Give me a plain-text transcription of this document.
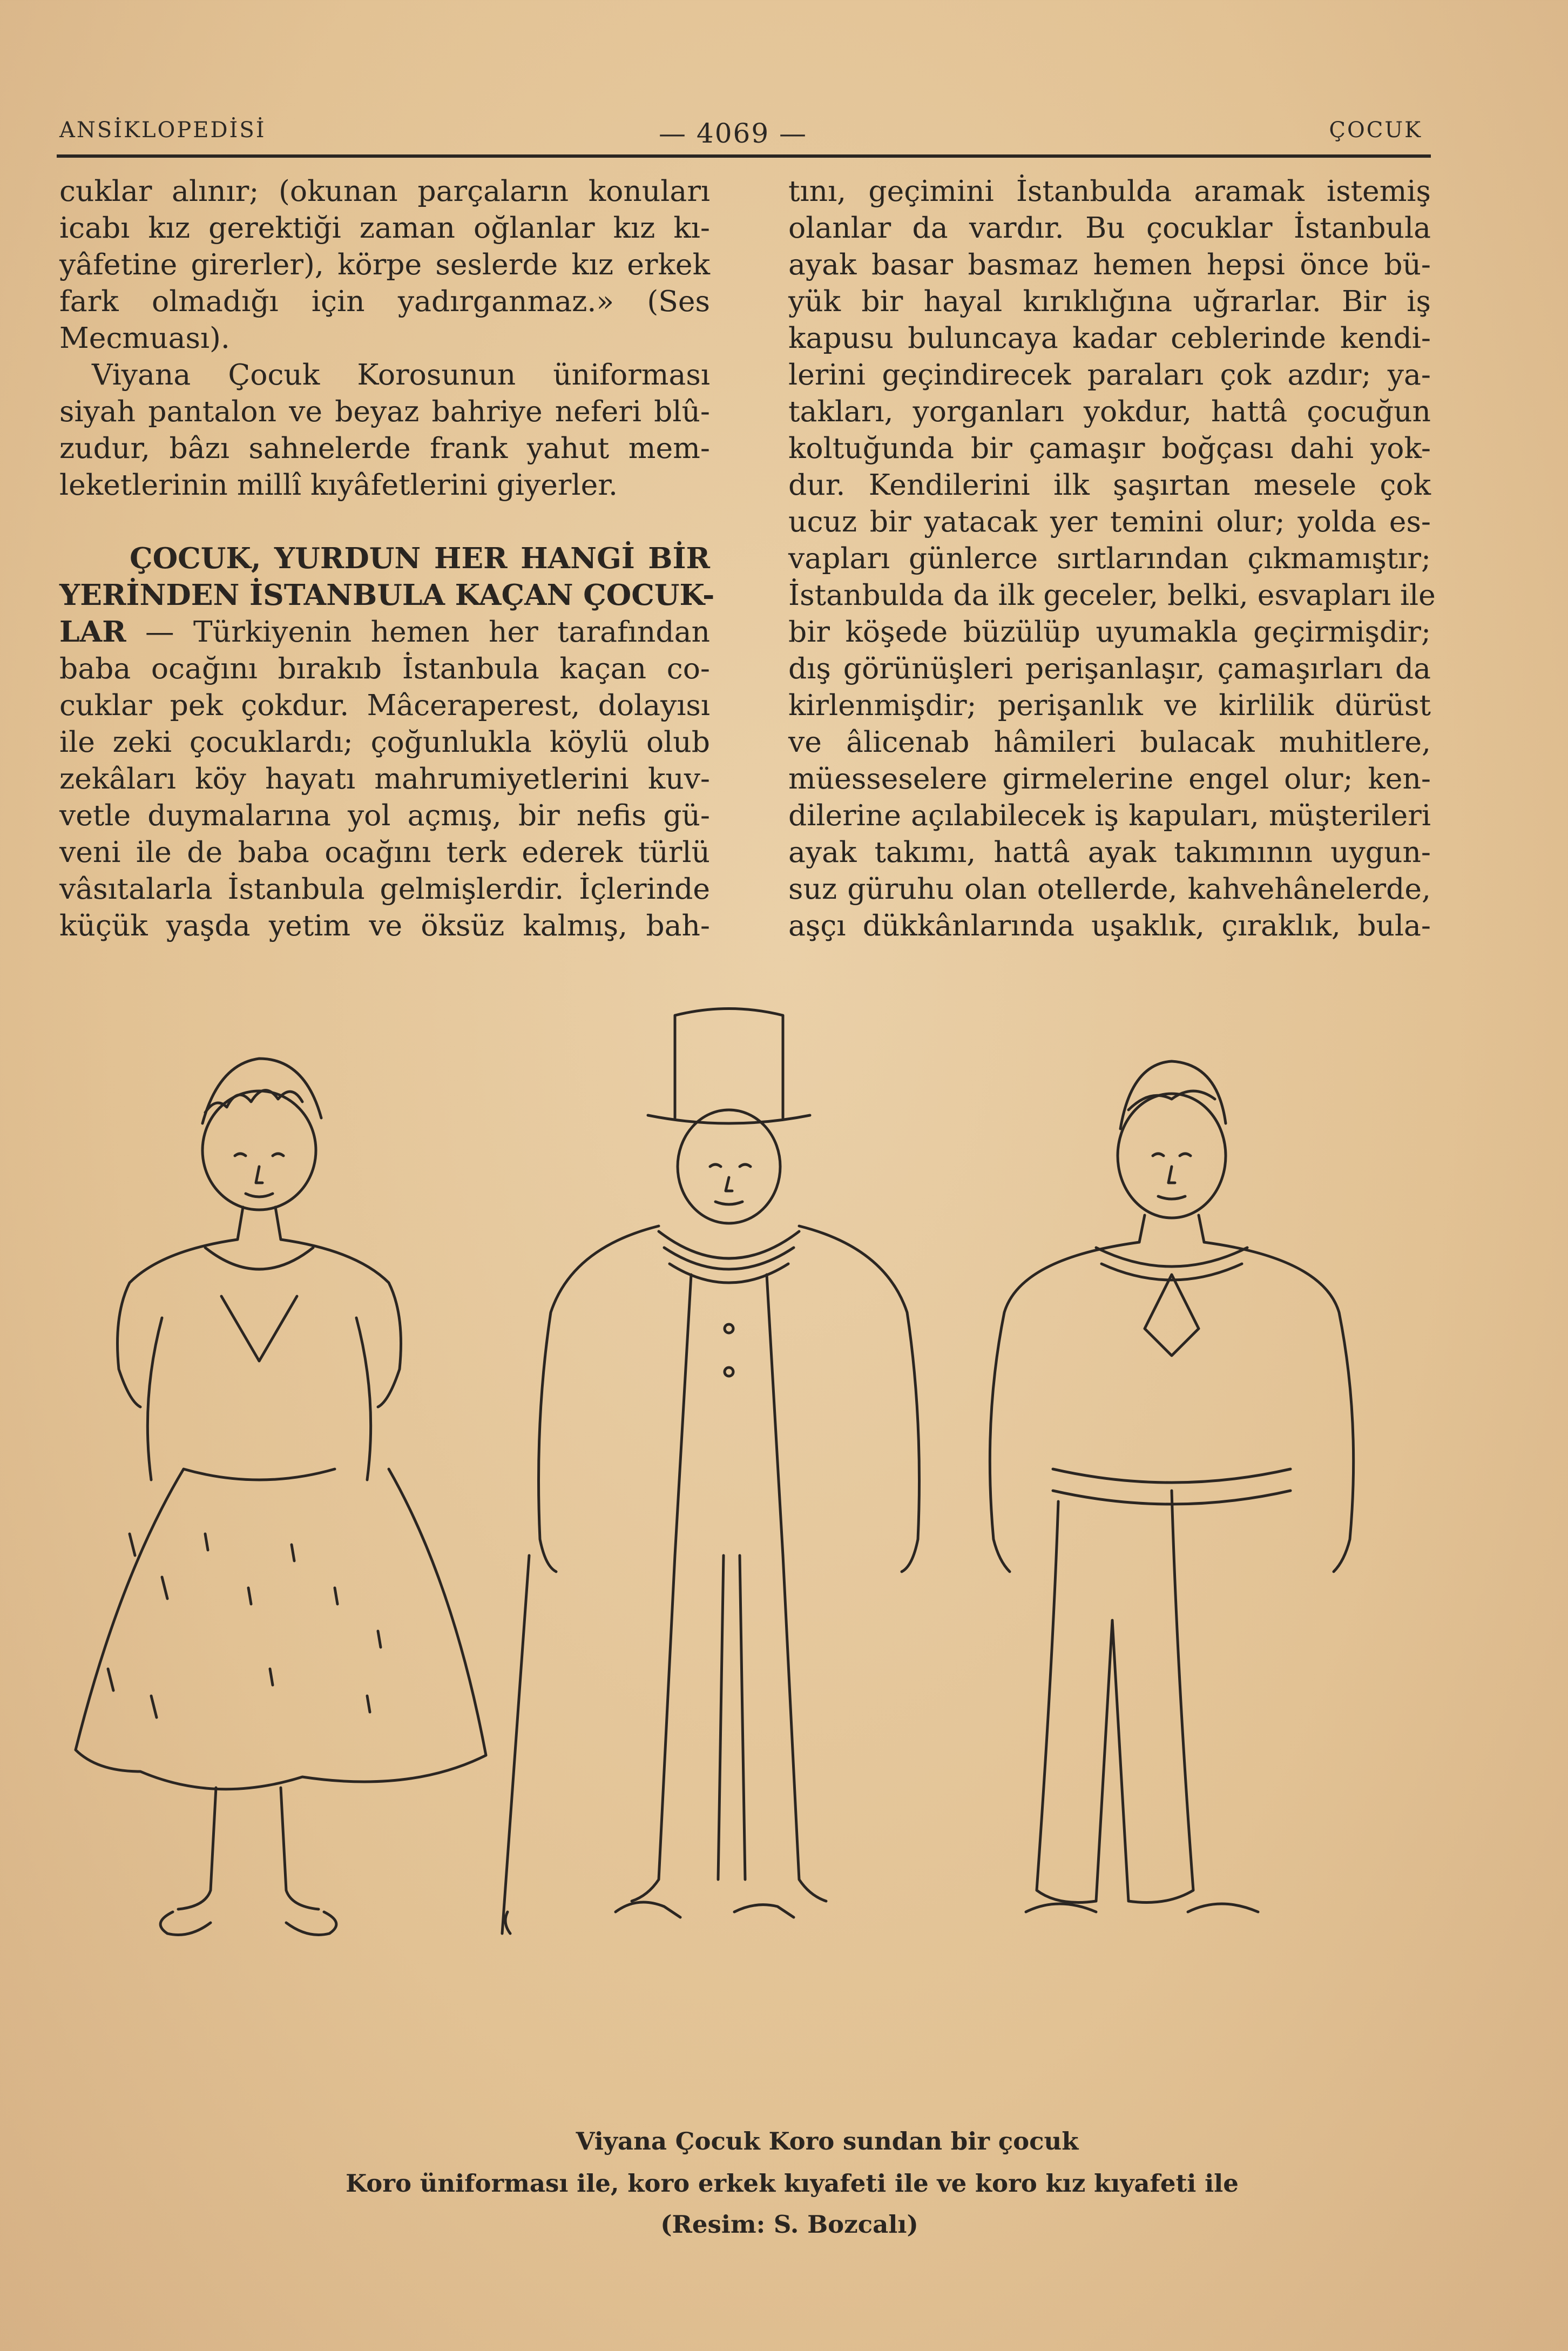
ANSİKLOPEDİSİ	— 4069 —	ÇOCUK
cuklar alınır; (okunan parçaların konuları
icabı kız gerektiği zaman oğlanlar kız kı-
yâfetine girerler), körpe seslerde kız erkek
fark olmadığı için yadırganmaz.» (Ses
Mecmuası).
Viyana Çocuk Korosunun üniforması
siyah pantalon ve beyaz bahriye neferi blû-
zudur, bâzı sahnelerde frank yahut mem-
leketlerinin millî kıyâfetlerini giyerler.
ÇOCUK, YURDUN HER HANGİ BİR
YERİNDEN İSTANBULA KAÇAN ÇOCUK-
LAR — Türkiyenin hemen her tarafından
baba ocağını bırakıb İstanbula kaçan co-
cuklar pek çokdur. Mâceraperest, dolayısı
ile zeki çocuklardı; çoğunlukla köylü olub
zekâları köy hayatı mahrumiyetlerini kuv-
vetle duymalarına yol açmış, bir nefis gü-
veni ile de baba ocağını terk ederek türlü
vâsıtalarla İstanbula gelmişlerdir. İçlerinde
küçük yaşda yetim ve öksüz kalmış, bah-
tını, geçimini İstanbulda aramak istemiş
olanlar da vardır. Bu çocuklar İstanbula
ayak basar basmaz hemen hepsi önce bü-
yük bir hayal kırıklığına uğrarlar. Bir iş
kapusu buluncaya kadar ceblerinde kendi-
lerini geçindirecek paraları çok azdır; ya-
takları, yorganları yokdur, hattâ çocuğun
koltuğunda bir çamaşır boğçası dahi yok-
dur. Kendilerini ilk şaşırtan mesele çok
ucuz bir yatacak yer temini olur; yolda es-
vapları günlerce sırtlarından çıkmamıştır;
İstanbulda da ilk geceler, belki, esvapları ile
bir köşede büzülüp uyumakla geçirmişdir;
dış görünüşleri perişanlaşır, çamaşırları da
kirlenmişdir; perişanlık ve kirlilik dürüst
ve âlicenab hâmileri bulacak muhitlere,
müesseselere girmelerine engel olur; ken-
dilerine açılabilecek iş kapuları, müşterileri
ayak takımı, hattâ ayak takımının uygun-
suz güruhu olan otellerde, kahvehânelerde,
aşçı dükkânlarında uşaklık, çıraklık, bula-
Viyana Çocuk Koro sundan bir çocuk
Koro üniforması ile, koro erkek kıyafeti ile ve koro kız kıyafeti ile
(Resim: S. Bozcalı)
